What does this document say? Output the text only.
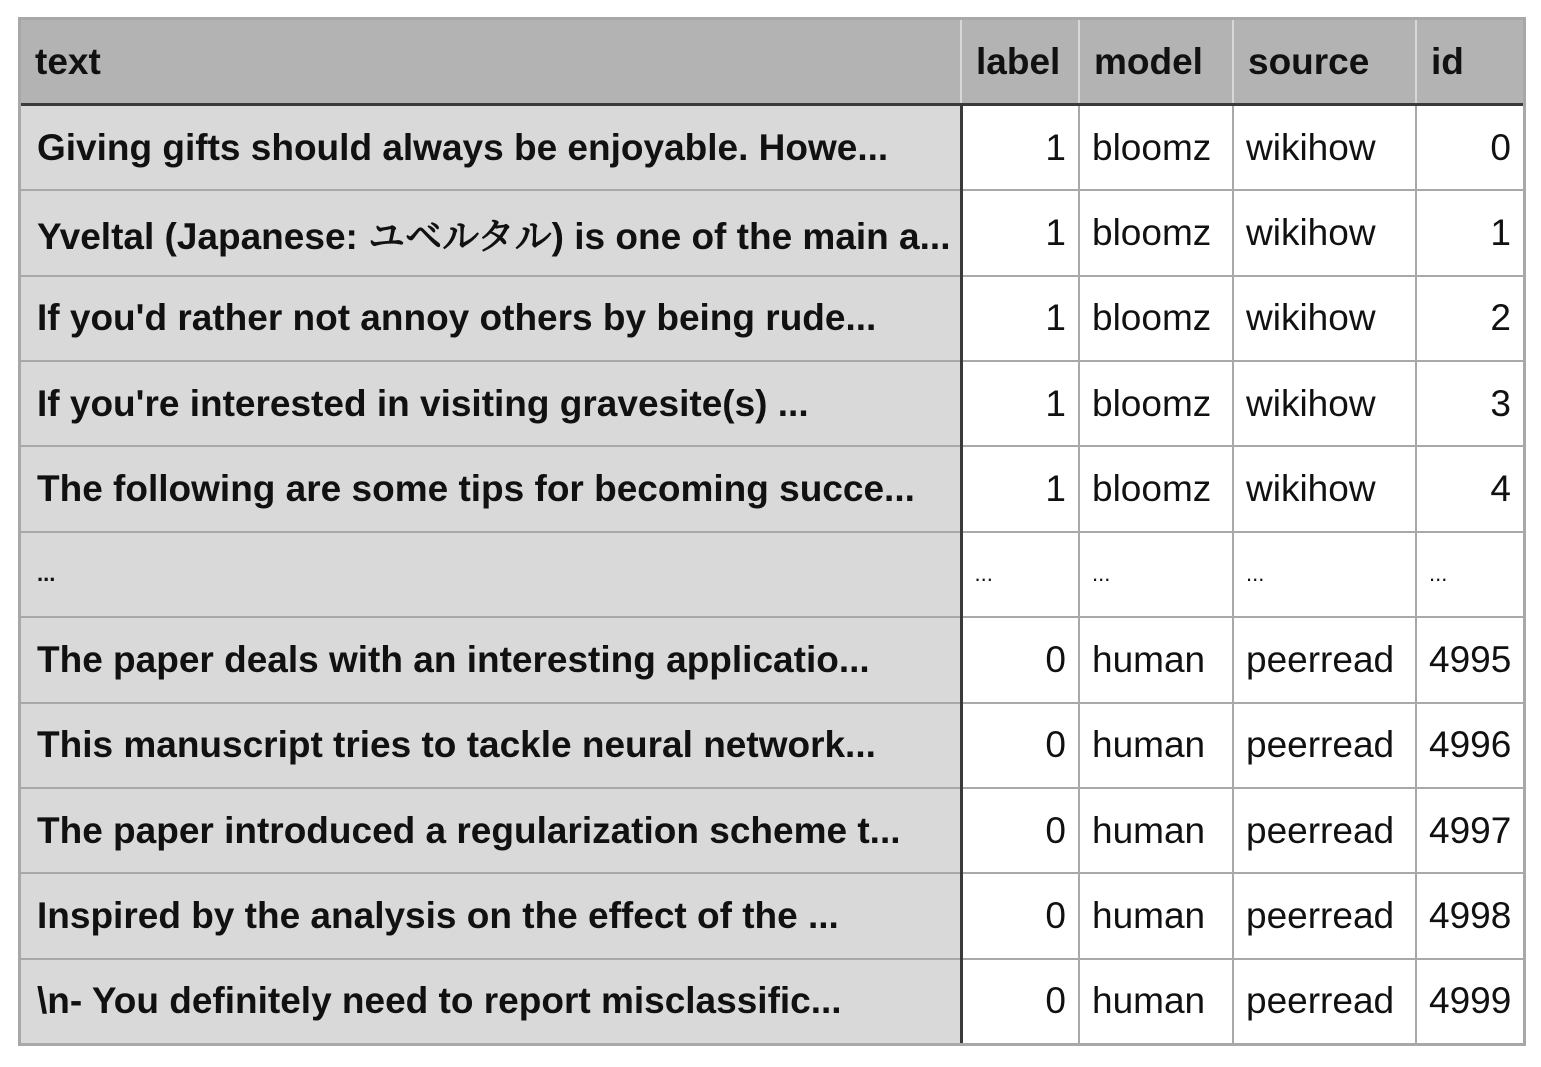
text	label	model	source	id
Giving gifts should always be enjoyable. Howe...	1	bloomz	wikihow	0
Yveltal (Japanese: ユベルタル) is one of the main a...	1	bloomz	wikihow	1
If you'd rather not annoy others by being rude...	1	bloomz	wikihow	2
If you're interested in visiting gravesite(s) ...	1	bloomz	wikihow	3
The following are some tips for becoming succe...	1	bloomz	wikihow	4
...	...	...	...	...
The paper deals with an interesting applicatio...	0	human	peerread	4995
This manuscript tries to tackle neural network...	0	human	peerread	4996
The paper introduced a regularization scheme t...	0	human	peerread	4997
Inspired by the analysis on the effect of the ...	0	human	peerread	4998
\n- You definitely need to report misclassific...	0	human	peerread	4999
